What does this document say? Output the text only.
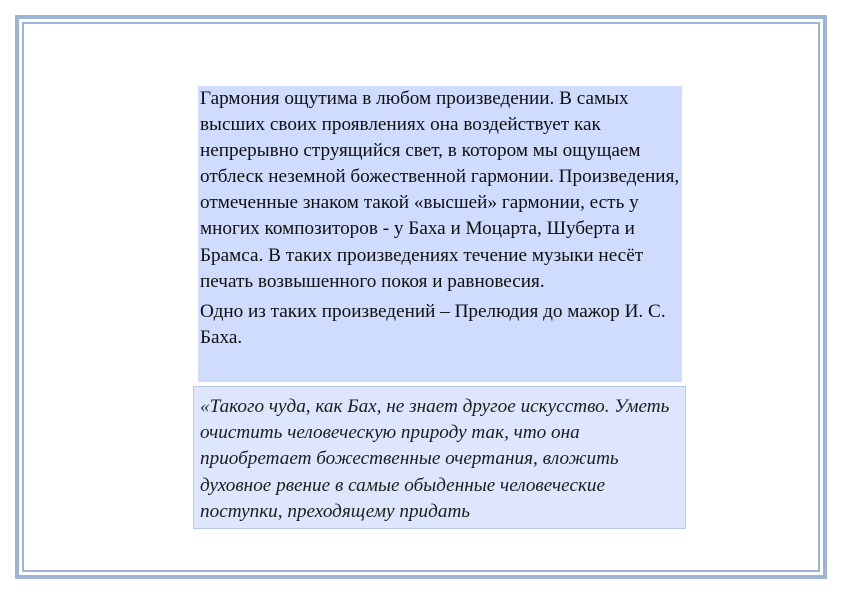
Гармония ощутима в любом произведении. В самых высших своих проявлениях она воздействует как непрерывно струящийся свет, в котором мы ощущаем отблеск неземной божественной гармонии. Произведения, отмеченные знаком такой «высшей» гармонии, есть у многих композиторов - у Баха и Моцарта, Шуберта и Брамса. В таких произведениях течение музыки несёт печать возвышенного покоя и равновесия.

Одно из таких произведений – Прелюдия до мажор И. С. Баха.

«Такого чуда, как Бах, не знает другое искусство. Уметь очистить человеческую природу так, что она приобретает божественные очертания, вложить духовное рвение в самые обыденные человеческие поступки, преходящему придать
